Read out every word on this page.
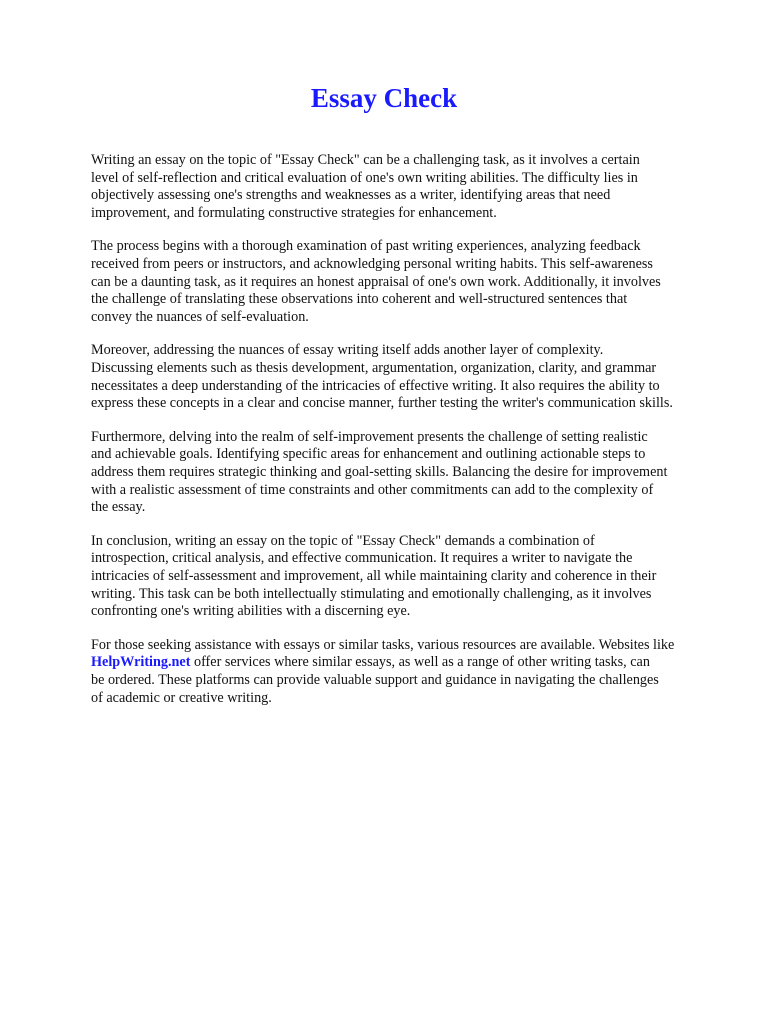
Essay Check
Writing an essay on the topic of "Essay Check" can be a challenging task, as it involves a certain
level of self-reflection and critical evaluation of one's own writing abilities. The difficulty lies in
objectively assessing one's strengths and weaknesses as a writer, identifying areas that need
improvement, and formulating constructive strategies for enhancement.
The process begins with a thorough examination of past writing experiences, analyzing feedback
received from peers or instructors, and acknowledging personal writing habits. This self-awareness
can be a daunting task, as it requires an honest appraisal of one's own work. Additionally, it involves
the challenge of translating these observations into coherent and well-structured sentences that
convey the nuances of self-evaluation.
Moreover, addressing the nuances of essay writing itself adds another layer of complexity.
Discussing elements such as thesis development, argumentation, organization, clarity, and grammar
necessitates a deep understanding of the intricacies of effective writing. It also requires the ability to
express these concepts in a clear and concise manner, further testing the writer's communication skills.
Furthermore, delving into the realm of self-improvement presents the challenge of setting realistic
and achievable goals. Identifying specific areas for enhancement and outlining actionable steps to
address them requires strategic thinking and goal-setting skills. Balancing the desire for improvement
with a realistic assessment of time constraints and other commitments can add to the complexity of
the essay.
In conclusion, writing an essay on the topic of "Essay Check" demands a combination of
introspection, critical analysis, and effective communication. It requires a writer to navigate the
intricacies of self-assessment and improvement, all while maintaining clarity and coherence in their
writing. This task can be both intellectually stimulating and emotionally challenging, as it involves
confronting one's writing abilities with a discerning eye.
For those seeking assistance with essays or similar tasks, various resources are available. Websites like
HelpWriting.net offer services where similar essays, as well as a range of other writing tasks, can
be ordered. These platforms can provide valuable support and guidance in navigating the challenges
of academic or creative writing.
